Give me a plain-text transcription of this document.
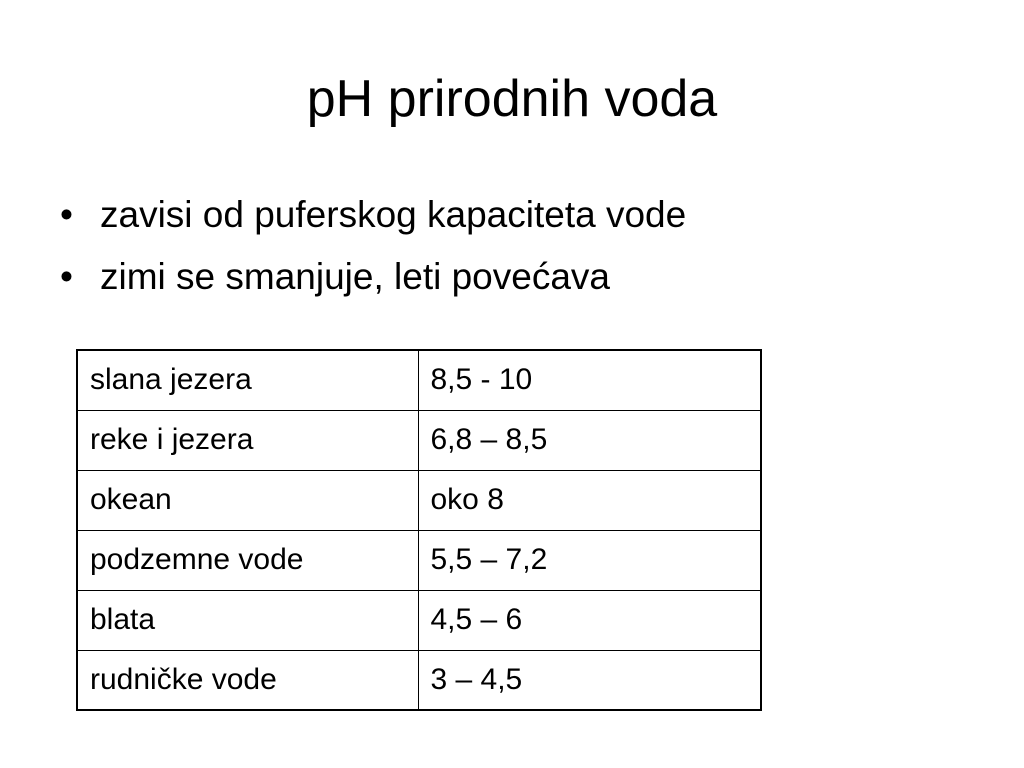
pH prirodnih voda
• zavisi od puferskog kapaciteta vode
• zimi se smanjuje, leti povećava
slana jezera	8,5 - 10
reke i jezera	6,8 – 8,5
okean	oko 8
podzemne vode	5,5 – 7,2
blata	4,5 – 6
rudničke vode	3 – 4,5
